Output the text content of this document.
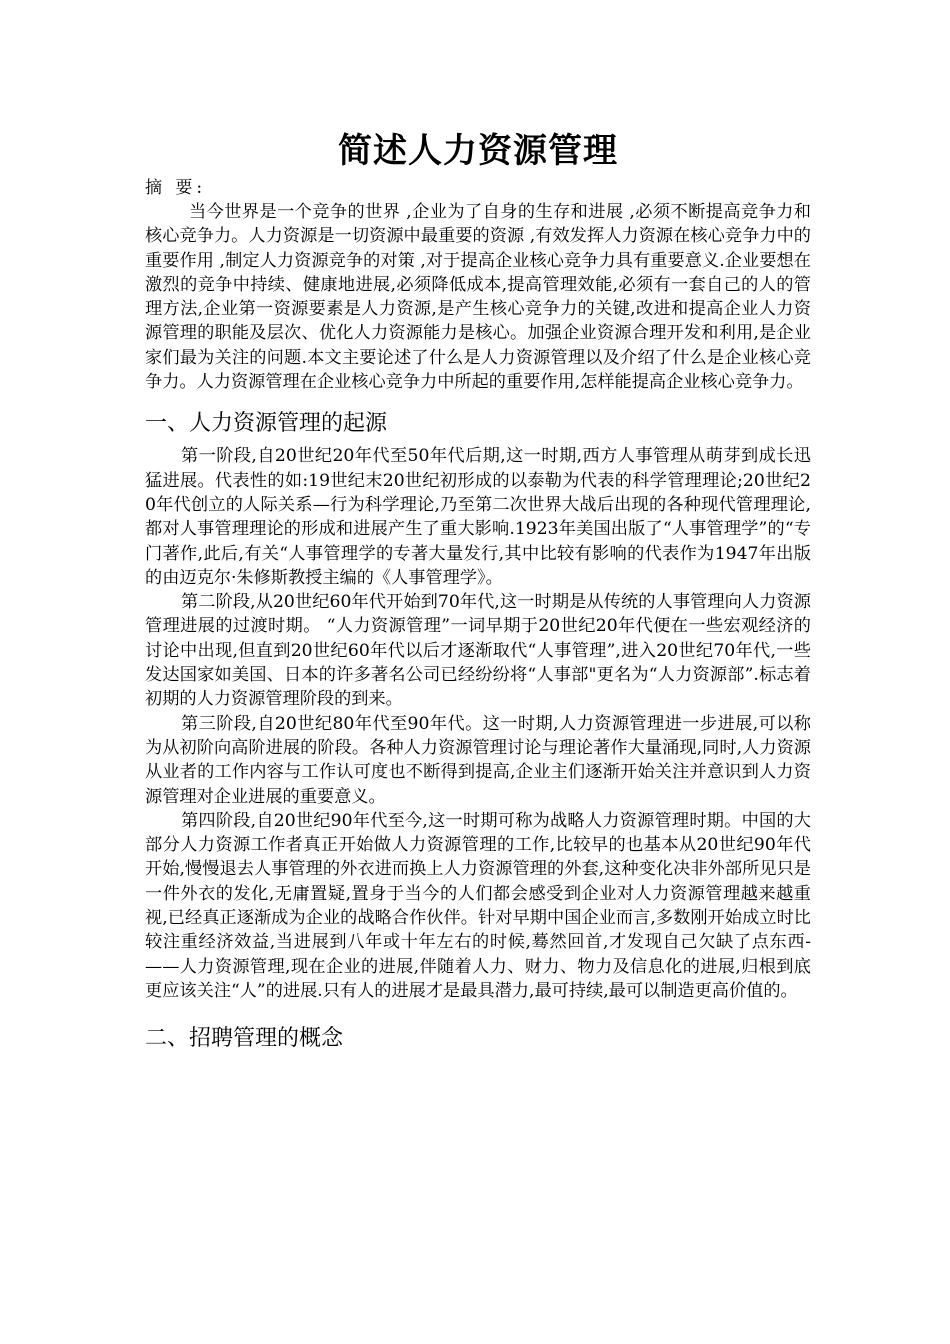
简述人力资源管理
摘 要:

当今世界是一个竞争的世界 ,企业为了自身的生存和进展 ,必须不断提高竞争力和核心竞争力。人力资源是一切资源中最重要的资源 ,有效发挥人力资源在核心竞争力中的重要作用 ,制定人力资源竞争的对策 ,对于提高企业核心竞争力具有重要意义.企业要想在激烈的竞争中持续、健康地进展,必须降低成本,提高管理效能,必须有一套自己的人的管理方法,企业第一资源要素是人力资源,是产生核心竞争力的关键,改进和提高企业人力资源管理的职能及层次、优化人力资源能力是核心。加强企业资源合理开发和利用,是企业家们最为关注的问题.本文主要论述了什么是人力资源管理以及介绍了什么是企业核心竞争力。人力资源管理在企业核心竞争力中所起的重要作用,怎样能提高企业核心竞争力。

一、人力资源管理的起源

第一阶段,自20世纪20年代至50年代后期,这一时期,西方人事管理从萌芽到成长迅猛进展。代表性的如:19世纪末20世纪初形成的以泰勒为代表的科学管理理论;20世纪20年代创立的人际关系—行为科学理论,乃至第二次世界大战后出现的各种现代管理理论,都对人事管理理论的形成和进展产生了重大影响.1923年美国出版了“人事管理学”的“专门著作,此后,有关“人事管理学的专著大量发行,其中比较有影响的代表作为1947年出版的由迈克尔·朱修斯教授主编的《人事管理学》。

第二阶段,从20世纪60年代开始到70年代,这一时期是从传统的人事管理向人力资源管理进展的过渡时期。 “人力资源管理”一词早期于20世纪20年代便在一些宏观经济的讨论中出现,但直到20世纪60年代以后才逐渐取代“人事管理”,进入20世纪70年代,一些发达国家如美国、日本的许多著名公司已经纷纷将“人事部"更名为“人力资源部”.标志着初期的人力资源管理阶段的到来。

第三阶段,自20世纪80年代至90年代。这一时期,人力资源管理进一步进展,可以称为从初阶向高阶进展的阶段。各种人力资源管理讨论与理论著作大量涌现,同时,人力资源从业者的工作内容与工作认可度也不断得到提高,企业主们逐渐开始关注并意识到人力资源管理对企业进展的重要意义。

第四阶段,自20世纪90年代至今,这一时期可称为战略人力资源管理时期。中国的大部分人力资源工作者真正开始做人力资源管理的工作,比较早的也基本从20世纪90年代开始,慢慢退去人事管理的外衣进而换上人力资源管理的外套,这种变化决非外部所见只是一件外衣的发化,无庸置疑,置身于当今的人们都会感受到企业对人力资源管理越来越重视,已经真正逐渐成为企业的战略合作伙伴。针对早期中国企业而言,多数刚开始成立时比较注重经济效益,当进展到八年或十年左右的时候,蓦然回首,才发现自己欠缺了点东西-——人力资源管理,现在企业的进展,伴随着人力、财力、物力及信息化的进展,归根到底更应该关注“人”的进展.只有人的进展才是最具潜力,最可持续,最可以制造更高价值的。

二、招聘管理的概念
